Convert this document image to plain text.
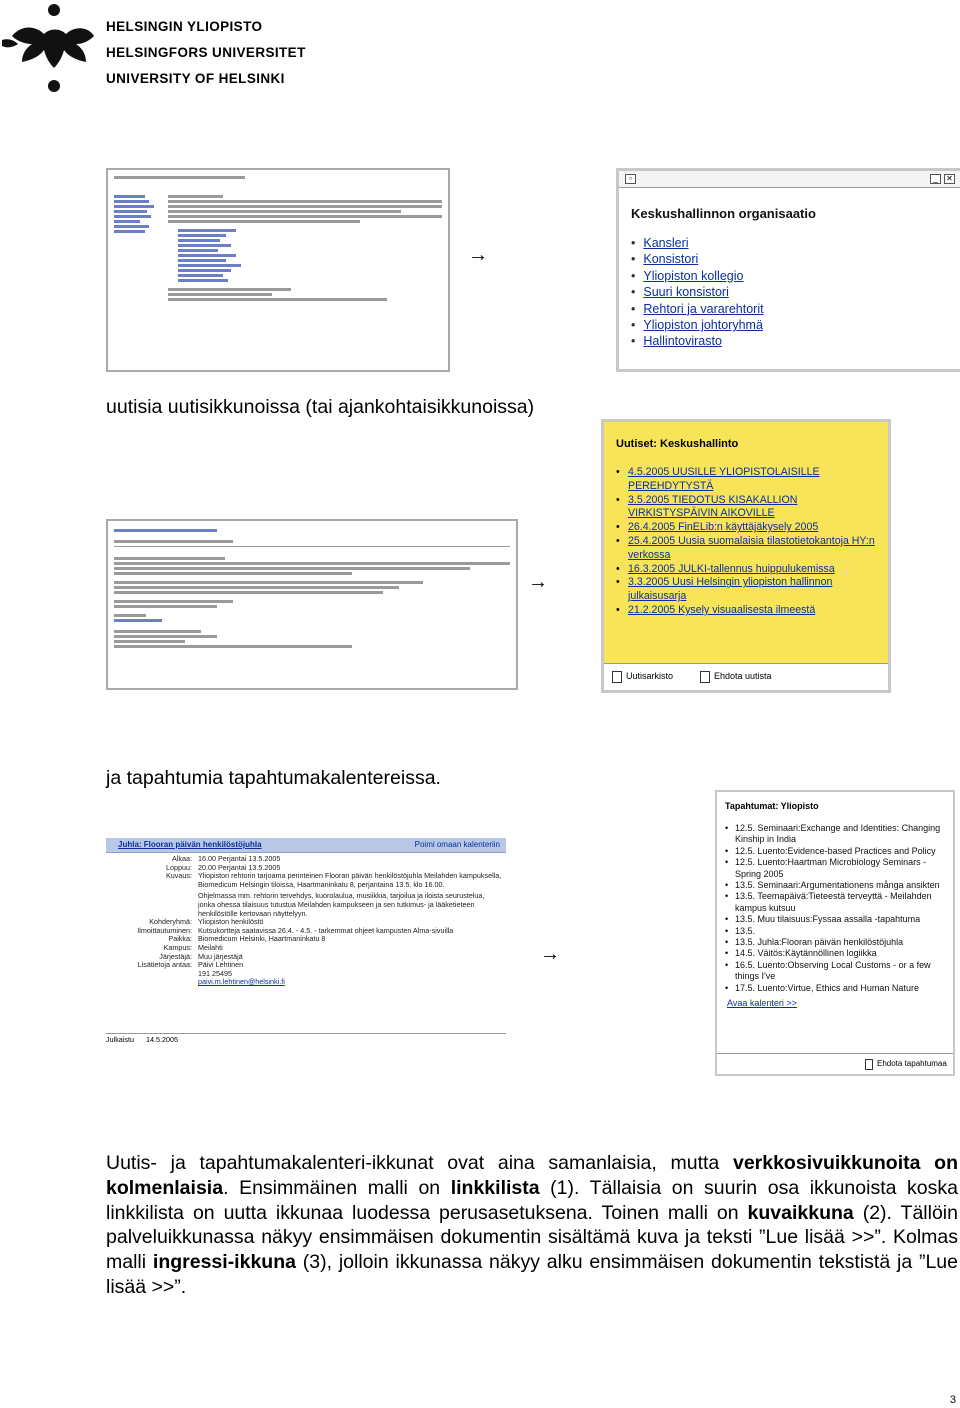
HELSINGIN YLIOPISTO
HELSINGFORS UNIVERSITET
UNIVERSITY OF HELSINKI
→
▫	_	✕
Keskushallinnon organisaatio
• Kansleri
• Konsistori
• Yliopiston kollegio
• Suuri konsistori
• Rehtori ja vararehtorit
• Yliopiston johtoryhmä
• Hallintovirasto
uutisia uutisikkunoissa (tai ajankohtaisikkunoissa)
→
Uutiset: Keskushallinto
• 4.5.2005 UUSILLE YLIOPISTOLAISILLE PEREHDYTYSTÄ
• 3.5.2005 TIEDOTUS KISAKALLION VIRKISTYSPÄIVIN AIKOVILLE
• 26.4.2005 FinELib:n käyttäjäkysely 2005
• 25.4.2005 Uusia suomalaisia tilastotietokantoja HY:n verkossa
• 16.3.2005 JULKI-tallennus huippulukemissa
• 3.3.2005 Uusi Helsingin yliopiston hallinnon julkaisusarja
• 21.2.2005 Kysely visuaalisesta ilmeestä
Uutisarkisto	Ehdota uutista
ja tapahtumia tapahtumakalentereissa.
Juhla: Flooran päivän henkilöstöjuhla	Poimi omaan kalenteriin
Alkaa: 16.00 Perjantai 13.5.2005
Loppuu: 20.00 Perjantai 13.5.2005
Kuvaus: Yliopiston rehtorin tarjoama perinteinen Flooran päivän henkilöstöjuhla Meilahden kampuksella, Biomedicum Helsingin tiloissa, Haartmaninkatu 8, perjantaina 13.5. klo 16.00.
Ohjelmassa mm. rehtorin tervehdys, kuorolaulua, musiikkia, tarjoilua ja iloista seurustelua, jonka ohessa tilaisuus tutustua Meilahden kampukseen ja sen tutkimus- ja lääketieteen henkilöstölle kertovaan näyttelyyn.
Kohderyhmä: Yliopiston henkilöstö
Ilmoittautuminen: Kutsukortteja saatavissa 26.4. - 4.5. - tarkemmat ohjeet kampusten Alma-sivuilla
Paikka: Biomedicum Helsinki, Haartmaninkatu 8
Kampus: Meilahti
Järjestäjä: Muu järjestäjä
Lisätietoja antaa: Päivi Lehtinen
191 25495
paivi.m.lehtinen@helsinki.fi
Julkaistu 14.5.2005
→
Tapahtumat: Yliopisto
• 12.5. Seminaari:Exchange and Identities: Changing Kinship in India
• 12.5. Luento:Evidence-based Practices and Policy
• 12.5. Luento:Haartman Microbiology Seminars - Spring 2005
• 13.5. Seminaari:Argumentationens många ansikten
• 13.5. Teemapäivä:Tieteestä terveyttä - Meilahden kampus kutsuu
• 13.5. Muu tilaisuus:Fyssaa assalla -tapahtuma
• 13.5.
• 13.5. Juhla:Flooran päivän henkilöstöjuhla
• 14.5. Väitös:Käytännöllinen logiikka
• 16.5. Luento:Observing Local Customs - or a few things I've
• 17.5. Luento:Virtue, Ethics and Human Nature
Avaa kalenteri >>
Ehdota tapahtumaa
Uutis- ja tapahtumakalenteri-ikkunat ovat aina samanlaisia, mutta verkkosivuikkunoita on kolmenlaisia. Ensimmäinen malli on linkkilista (1). Tällaisia on suurin osa ikkunoista koska linkkilista on uutta ikkunaa luodessa perusasetuksena. Toinen malli on kuvaikkuna (2). Tällöin palveluikkunassa näkyy ensimmäisen dokumentin sisältämä kuva ja teksti ”Lue lisää >>”. Kolmas malli ingressi-ikkuna (3), jolloin ikkunassa näkyy alku ensimmäisen dokumentin tekstistä ja ”Lue lisää >>”.
3
